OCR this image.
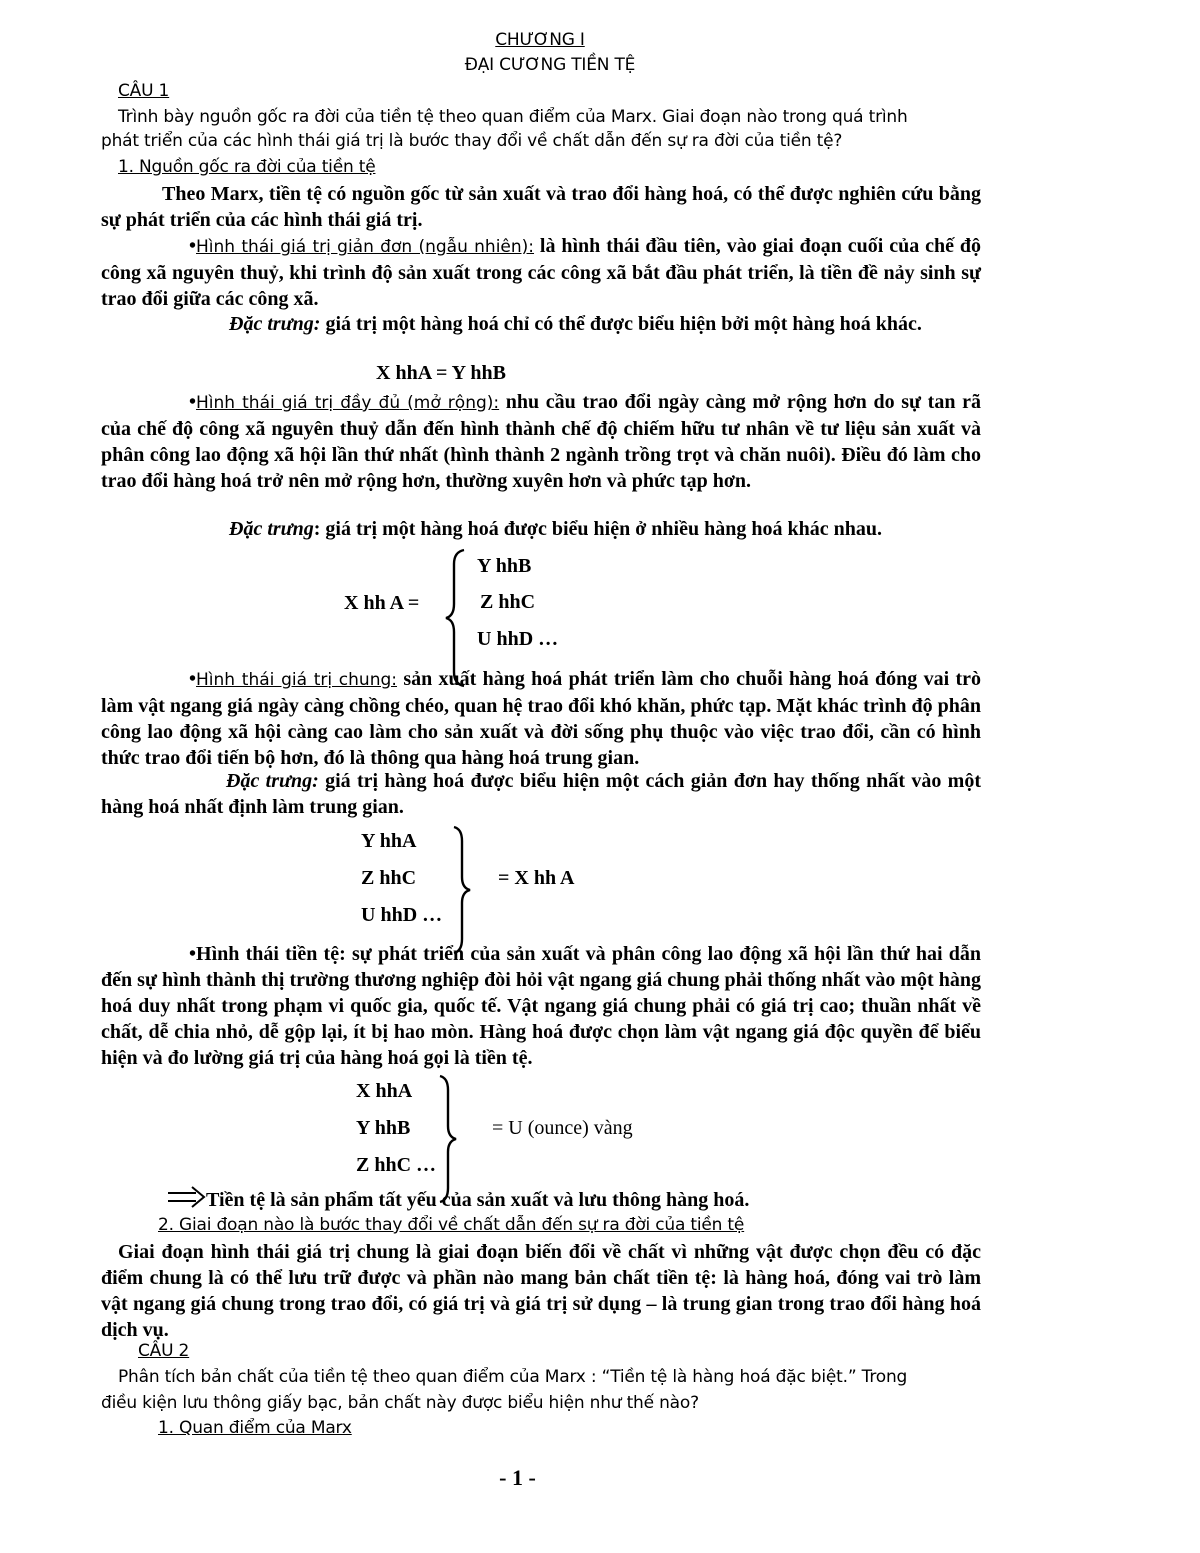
CHƯƠNG I
ĐẠI CƯƠNG TIỀN TỆ
CÂU 1
Trình bày nguồn gốc ra đời của tiền tệ theo quan điểm của Marx. Giai đoạn nào trong quá trình
phát triển của các hình thái giá trị là bước thay đổi về chất dẫn đến sự ra đời của tiền tệ?
1. Nguồn gốc ra đời của tiền tệ
Theo Marx, tiền tệ có nguồn gốc từ sản xuất và trao đổi hàng hoá, có thể được nghiên cứu bằng sự phát triển của các hình thái giá trị.
•Hình thái giá trị giản đơn (ngẫu nhiên): là hình thái đầu tiên, vào giai đoạn cuối của chế độ công xã nguyên thuỷ, khi trình độ sản xuất trong các công xã bắt đầu phát triển, là tiền đề nảy sinh sự trao đổi giữa các công xã.
Đặc trưng: giá trị một hàng hoá chỉ có thể được biểu hiện bởi một hàng hoá khác.
X hhA = Y hhB
•Hình thái giá trị đầy đủ (mở rộng): nhu cầu trao đổi ngày càng mở rộng hơn do sự tan rã của chế độ công xã nguyên thuỷ dẫn đến hình thành chế độ chiếm hữu tư nhân về tư liệu sản xuất và phân công lao động xã hội lần thứ nhất (hình thành 2 ngành trồng trọt và chăn nuôi). Điều đó làm cho trao đổi hàng hoá trở nên mở rộng hơn, thường xuyên hơn và phức tạp hơn.
Đặc trưng: giá trị một hàng hoá được biểu hiện ở nhiều hàng hoá khác nhau.
X hh A =
Y hhB
Z hhC
U hhD …
•Hình thái giá trị chung: sản xuất hàng hoá phát triển làm cho chuỗi hàng hoá đóng vai trò làm vật ngang giá ngày càng chồng chéo, quan hệ trao đổi khó khăn, phức tạp. Mặt khác trình độ phân công lao động xã hội càng cao làm cho sản xuất và đời sống phụ thuộc vào việc trao đổi, cần có hình thức trao đổi tiến bộ hơn, đó là thông qua hàng hoá trung gian.
Đặc trưng: giá trị hàng hoá được biểu hiện một cách giản đơn hay thống nhất vào một hàng hoá nhất định làm trung gian.
Y hhA
Z hhC
U hhD …
= X hh A
•Hình thái tiền tệ: sự phát triển của sản xuất và phân công lao động xã hội lần thứ hai dẫn đến sự hình thành thị trường thương nghiệp đòi hỏi vật ngang giá chung phải thống nhất vào một hàng hoá duy nhất trong phạm vi quốc gia, quốc tế. Vật ngang giá chung phải có giá trị cao; thuần nhất về chất, dễ chia nhỏ, dễ gộp lại, ít bị hao mòn. Hàng hoá được chọn làm vật ngang giá độc quyền để biểu hiện và đo lường giá trị của hàng hoá gọi là tiền tệ.
X hhA
Y hhB
Z hhC …
= U (ounce) vàng
Tiền tệ là sản phẩm tất yếu của sản xuất và lưu thông hàng hoá.
2. Giai đoạn nào là bước thay đổi về chất dẫn đến sự ra đời của tiền tệ
Giai đoạn hình thái giá trị chung là giai đoạn biến đổi về chất vì những vật được chọn đều có đặc điểm chung là có thể lưu trữ được và phần nào mang bản chất tiền tệ: là hàng hoá, đóng vai trò làm vật ngang giá chung trong trao đổi, có giá trị và giá trị sử dụng – là trung gian trong trao đổi hàng hoá dịch vụ.
CÂU 2
Phân tích bản chất của tiền tệ theo quan điểm của Marx : “Tiền tệ là hàng hoá đặc biệt.” Trong
điều kiện lưu thông giấy bạc, bản chất này được biểu hiện như thế nào?
1. Quan điểm của Marx
- 1 -
